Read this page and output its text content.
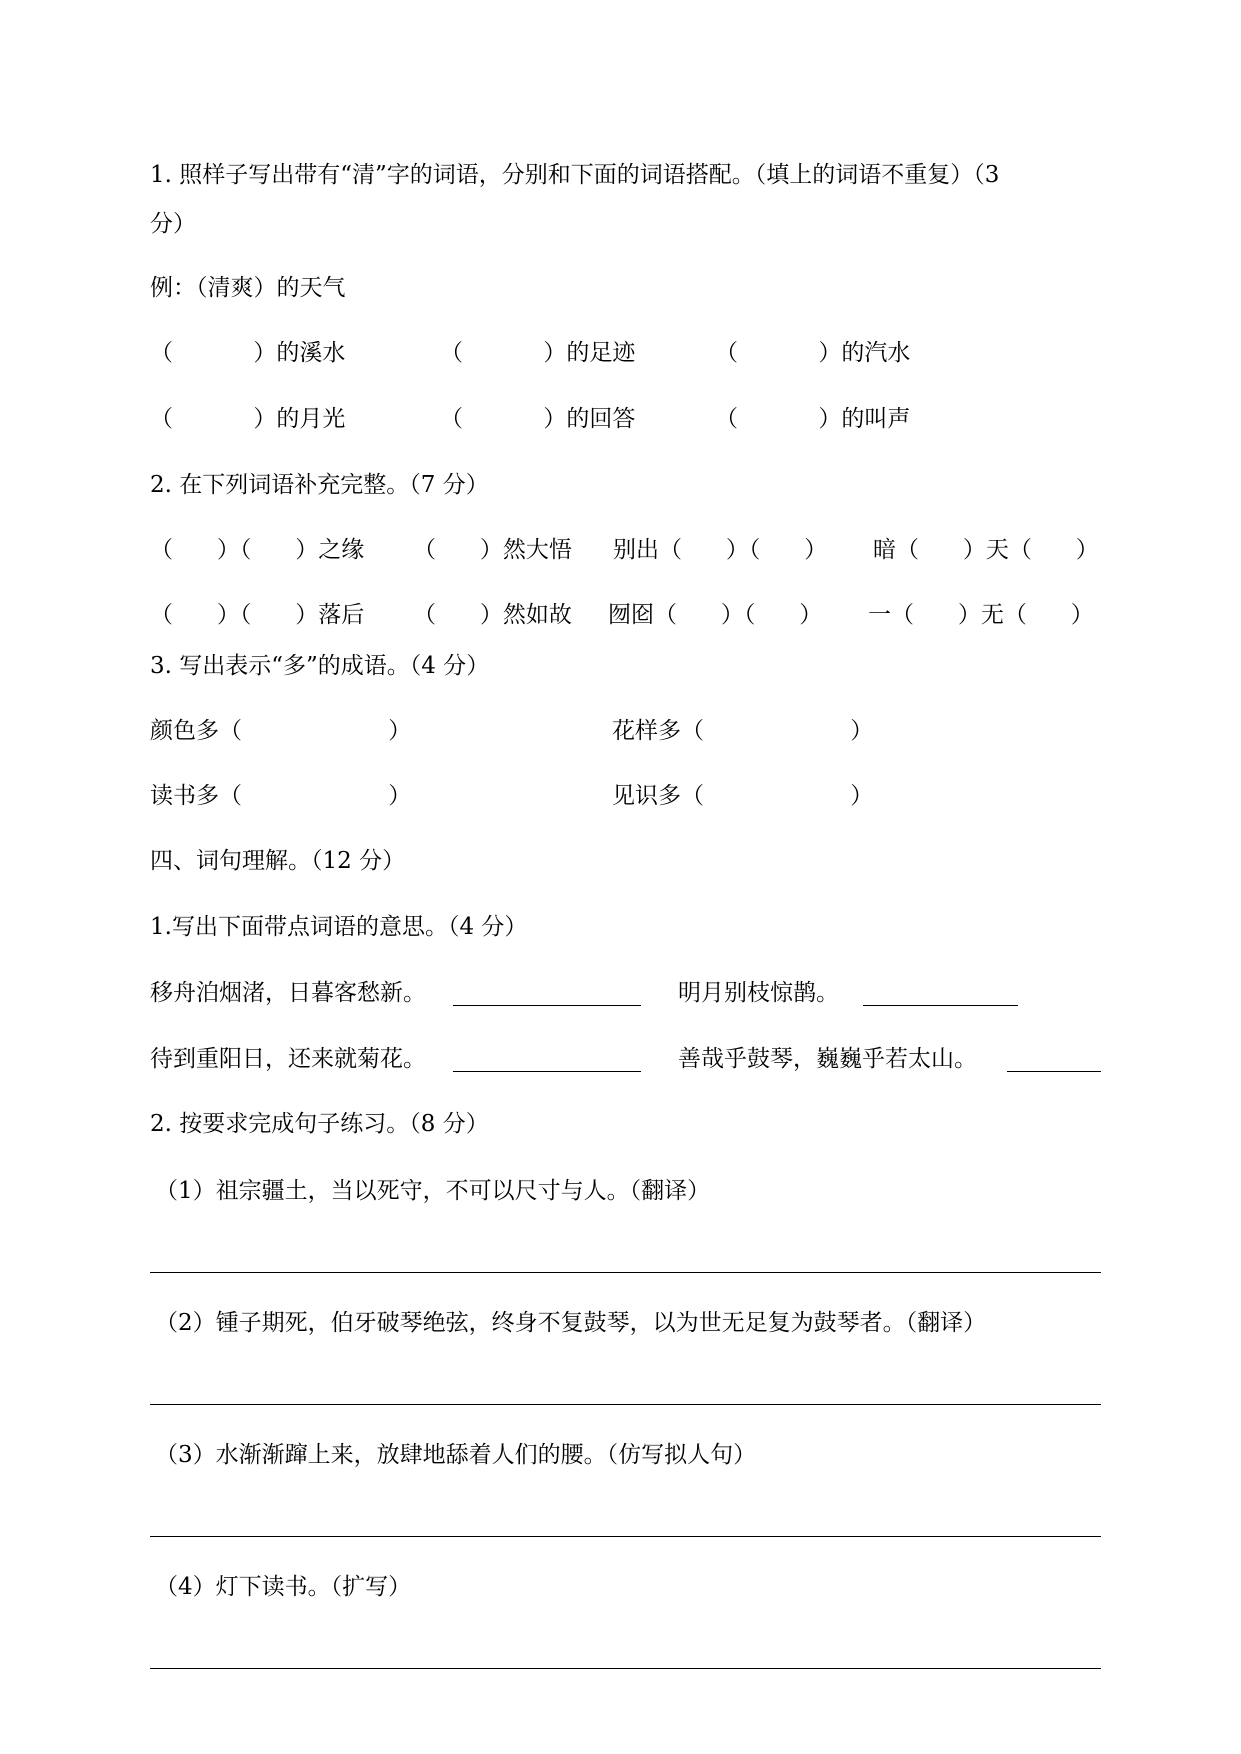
1. 照样子写出带有“清”字的词语，分别和下面的词语搭配。（填上的词语不重复）（3
分）
例：（清爽）的天气
（           ）的溪水	（           ）的足迹	（           ）的汽水
（           ）的月光	（           ）的回答	（           ）的叫声
2. 在下列词语补充完整。（7 分）
（      ）（      ）之缘 （      ）然大悟 别出（      ）（      ） 暗（      ）天（      ）
（      ）（      ）落后 （      ）然如故 囫囵（      ）（      ） 一（      ）无（      ）
3. 写出表示“多”的成语。（4 分）
颜色多（                    ）	花样多（                    ）
读书多（                    ）	见识多（                    ）
四、词句理解。（12 分）
1.写出下面带点词语的意思。（4 分）
移舟泊烟渚，日暮客愁新。	明月别枝惊鹊。
待到重阳日，还来就菊花。	善哉乎鼓琴，巍巍乎若太山。
2. 按要求完成句子练习。（8 分）
（1）祖宗疆土，当以死守，不可以尺寸与人。（翻译）
（2）锺子期死，伯牙破琴绝弦，终身不复鼓琴，以为世无足复为鼓琴者。（翻译）
（3）水渐渐蹿上来，放肆地舔着人们的腰。（仿写拟人句）
（4）灯下读书。（扩写）
